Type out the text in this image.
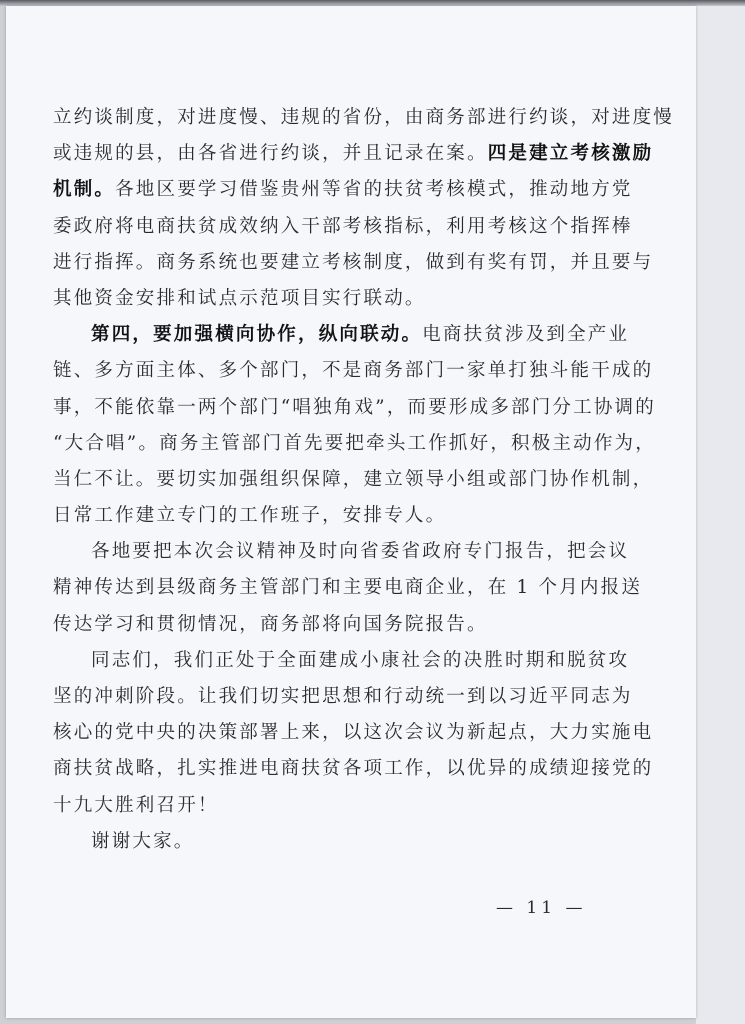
立约谈制度，对进度慢、违规的省份，由商务部进行约谈，对进度慢
或违规的县，由各省进行约谈，并且记录在案。四是建立考核激励
机制。各地区要学习借鉴贵州等省的扶贫考核模式，推动地方党
委政府将电商扶贫成效纳入干部考核指标，利用考核这个指挥棒
进行指挥。商务系统也要建立考核制度，做到有奖有罚，并且要与
其他资金安排和试点示范项目实行联动。
第四，要加强横向协作，纵向联动。电商扶贫涉及到全产业
链、多方面主体、多个部门，不是商务部门一家单打独斗能干成的
事，不能依靠一两个部门“唱独角戏”，而要形成多部门分工协调的
“大合唱”。商务主管部门首先要把牵头工作抓好，积极主动作为，
当仁不让。要切实加强组织保障，建立领导小组或部门协作机制，
日常工作建立专门的工作班子，安排专人。
各地要把本次会议精神及时向省委省政府专门报告，把会议
精神传达到县级商务主管部门和主要电商企业，在 1 个月内报送
传达学习和贯彻情况，商务部将向国务院报告。
同志们，我们正处于全面建成小康社会的决胜时期和脱贫攻
坚的冲刺阶段。让我们切实把思想和行动统一到以习近平同志为
核心的党中央的决策部署上来，以这次会议为新起点，大力实施电
商扶贫战略，扎实推进电商扶贫各项工作，以优异的成绩迎接党的
十九大胜利召开！
谢谢大家。
— 11 —
